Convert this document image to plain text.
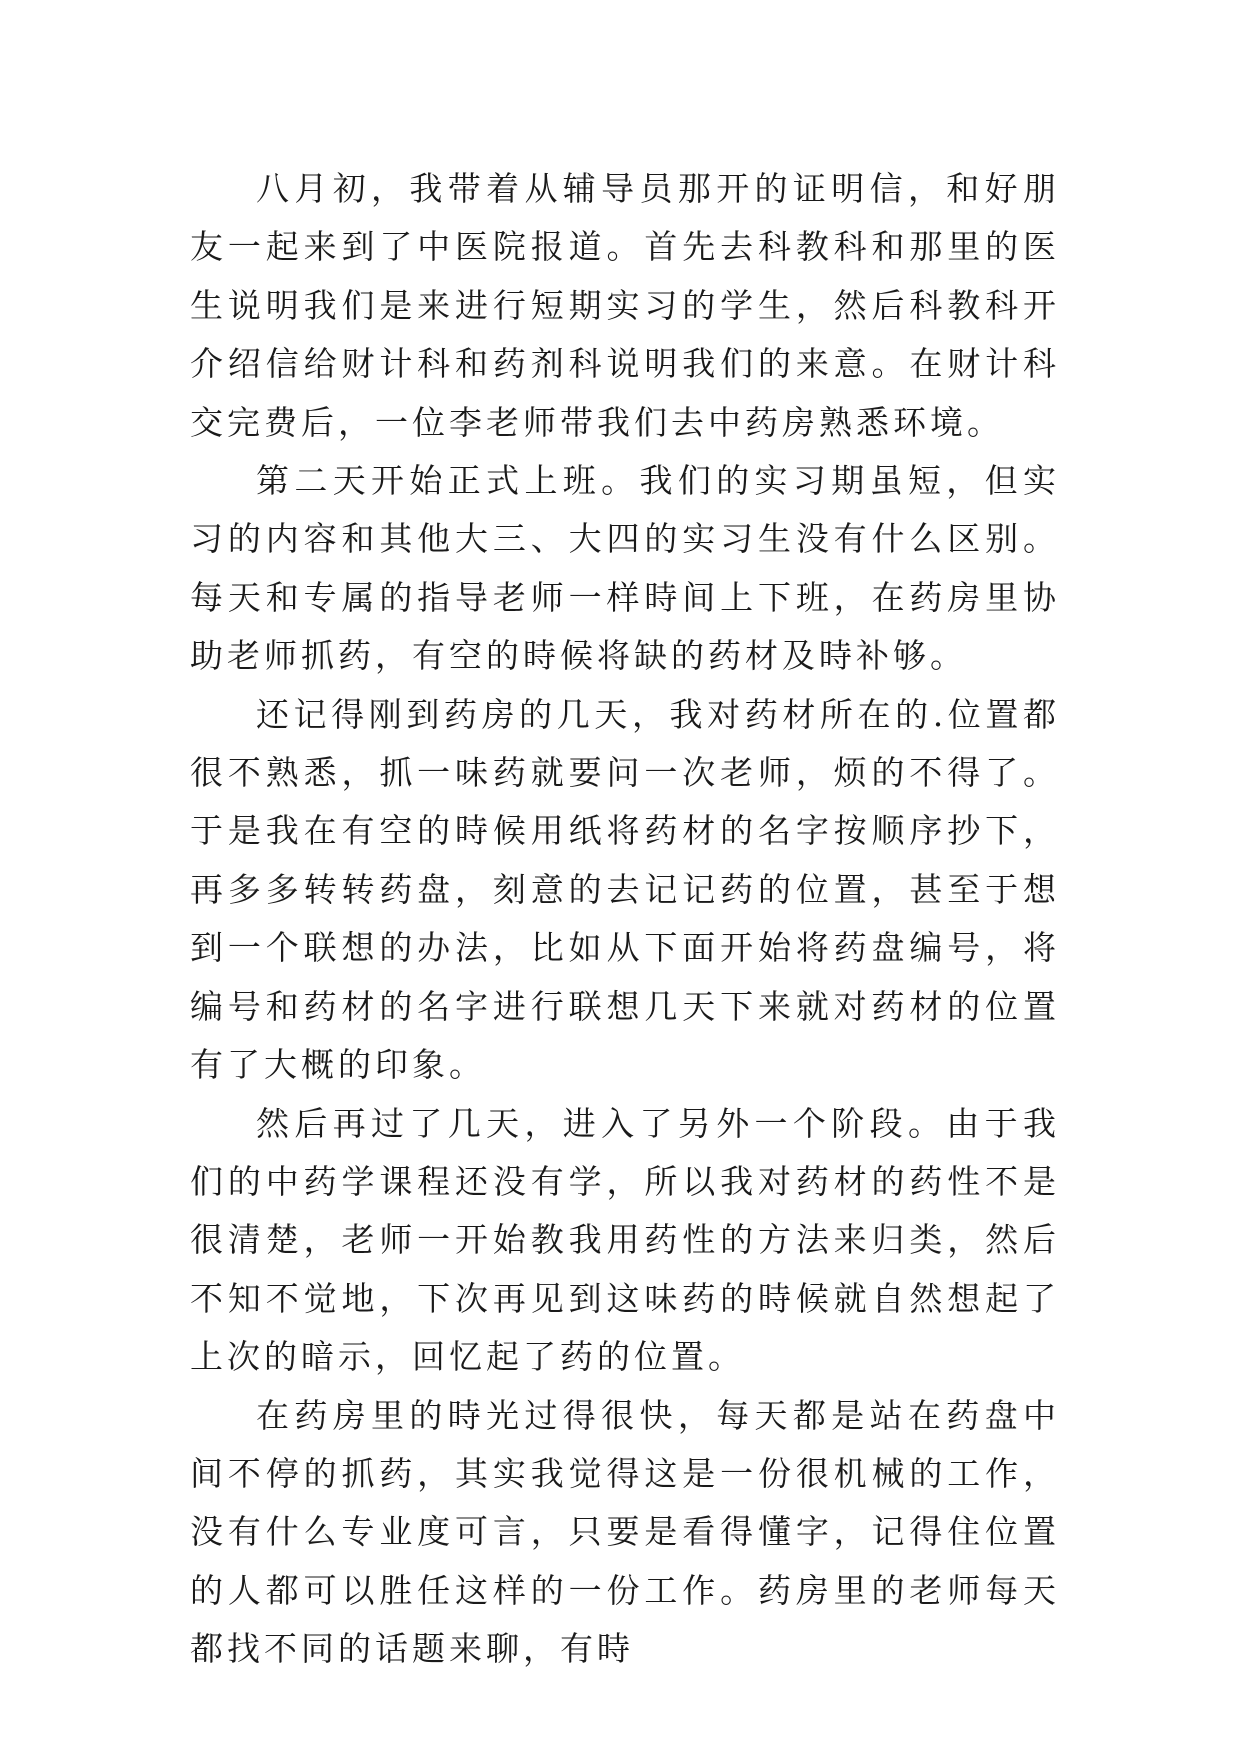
八月初，我带着从辅导员那开的证明信，和好朋友一起来到了中医院报道。首先去科教科和那里的医生说明我们是来进行短期实习的学生，然后科教科开介绍信给财计科和药剂科说明我们的来意。在财计科交完费后，一位李老师带我们去中药房熟悉环境。

第二天开始正式上班。我们的实习期虽短，但实习的内容和其他大三、大四的实习生没有什么区别。每天和专属的指导老师一样時间上下班，在药房里协助老师抓药，有空的時候将缺的药材及時补够。

还记得刚到药房的几天，我对药材所在的.位置都很不熟悉，抓一味药就要问一次老师，烦的不得了。于是我在有空的時候用纸将药材的名字按顺序抄下，再多多转转药盘，刻意的去记记药的位置，甚至于想到一个联想的办法，比如从下面开始将药盘编号，将编号和药材的名字进行联想几天下来就对药材的位置有了大概的印象。

然后再过了几天，进入了另外一个阶段。由于我们的中药学课程还没有学，所以我对药材的药性不是很清楚，老师一开始教我用药性的方法来归类，然后不知不觉地，下次再见到这味药的時候就自然想起了上次的暗示，回忆起了药的位置。

在药房里的時光过得很快，每天都是站在药盘中间不停的抓药，其实我觉得这是一份很机械的工作，没有什么专业度可言，只要是看得懂字，记得住位置的人都可以胜任这样的一份工作。药房里的老师每天都找不同的话题来聊，有時
